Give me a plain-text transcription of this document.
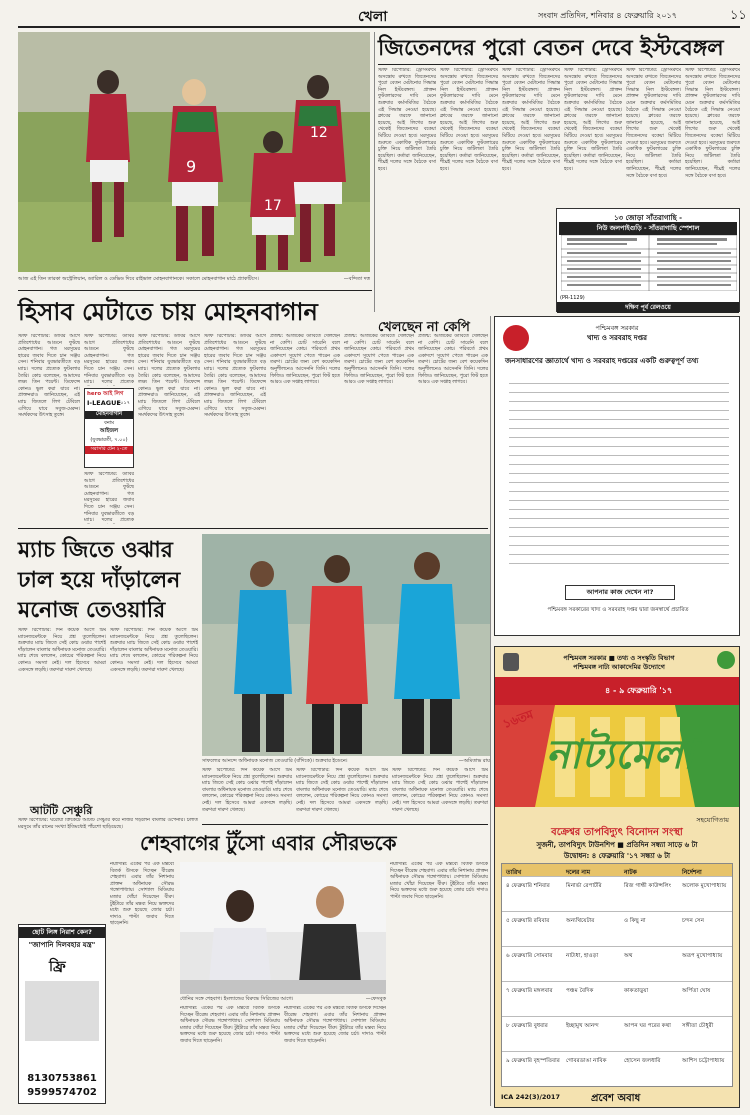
খেলা	সংবাদ প্রতিদিন, শনিবার ৪ ফেব্রুয়ারি ২০১৭	১১
9
12
17
আজ এই তিন তারকা অস্ট্রেলিয়ান, ড্যারিল ও ডেভিড দিবে রাইভাল মোহনবাগানকে। সকালে মোহনবাগান মাঠে প্র্যাকটিসে।	—বন্দিতা দত্ত
জিতেনদের পুরো বেতন দেবে ইস্টবেঙ্গল
স্টাফ রিপোর্টার: ড্রেসিংরুমে অসন্তোষ রুখতে জিতেনদের পুরো বেতন মেটানোর সিদ্ধান্ত নিল ইস্টবেঙ্গল। প্রাক্তন ফুটবলারদের দাবি মেনে শুক্রবার কর্মসমিতির বৈঠকে এই সিদ্ধান্ত নেওয়া হয়েছে। ক্লাবের তরফে জানানো হয়েছে, আই লিগের শুরু থেকেই জিতেনদের বকেয়া মিটিয়ে দেওয়া হবে। মরসুমের শুরুতে একাধিক ফুটবলারের চুক্তি নিয়ে জটিলতা তৈরি হয়েছিল। কর্তারা জানিয়েছেন, শীঘ্রই দলের সঙ্গে বৈঠকে বসা হবে।
স্টাফ রিপোর্টার: ড্রেসিংরুমে অসন্তোষ রুখতে জিতেনদের পুরো বেতন মেটানোর সিদ্ধান্ত নিল ইস্টবেঙ্গল। প্রাক্তন ফুটবলারদের দাবি মেনে শুক্রবার কর্মসমিতির বৈঠকে এই সিদ্ধান্ত নেওয়া হয়েছে। ক্লাবের তরফে জানানো হয়েছে, আই লিগের শুরু থেকেই জিতেনদের বকেয়া মিটিয়ে দেওয়া হবে। মরসুমের শুরুতে একাধিক ফুটবলারের চুক্তি নিয়ে জটিলতা তৈরি হয়েছিল। কর্তারা জানিয়েছেন, শীঘ্রই দলের সঙ্গে বৈঠকে বসা হবে।
স্টাফ রিপোর্টার: ড্রেসিংরুমে অসন্তোষ রুখতে জিতেনদের পুরো বেতন মেটানোর সিদ্ধান্ত নিল ইস্টবেঙ্গল। প্রাক্তন ফুটবলারদের দাবি মেনে শুক্রবার কর্মসমিতির বৈঠকে এই সিদ্ধান্ত নেওয়া হয়েছে। ক্লাবের তরফে জানানো হয়েছে, আই লিগের শুরু থেকেই জিতেনদের বকেয়া মিটিয়ে দেওয়া হবে। মরসুমের শুরুতে একাধিক ফুটবলারের চুক্তি নিয়ে জটিলতা তৈরি হয়েছিল। কর্তারা জানিয়েছেন, শীঘ্রই দলের সঙ্গে বৈঠকে বসা হবে।
স্টাফ রিপোর্টার: ড্রেসিংরুমে অসন্তোষ রুখতে জিতেনদের পুরো বেতন মেটানোর সিদ্ধান্ত নিল ইস্টবেঙ্গল। প্রাক্তন ফুটবলারদের দাবি মেনে শুক্রবার কর্মসমিতির বৈঠকে এই সিদ্ধান্ত নেওয়া হয়েছে। ক্লাবের তরফে জানানো হয়েছে, আই লিগের শুরু থেকেই জিতেনদের বকেয়া মিটিয়ে দেওয়া হবে। মরসুমের শুরুতে একাধিক ফুটবলারের চুক্তি নিয়ে জটিলতা তৈরি হয়েছিল। কর্তারা জানিয়েছেন, শীঘ্রই দলের সঙ্গে বৈঠকে বসা হবে।
স্টাফ রিপোর্টার: ড্রেসিংরুমে অসন্তোষ রুখতে জিতেনদের পুরো বেতন মেটানোর সিদ্ধান্ত নিল ইস্টবেঙ্গল। প্রাক্তন ফুটবলারদের দাবি মেনে শুক্রবার কর্মসমিতির বৈঠকে এই সিদ্ধান্ত নেওয়া হয়েছে। ক্লাবের তরফে জানানো হয়েছে, আই লিগের শুরু থেকেই জিতেনদের বকেয়া মিটিয়ে দেওয়া হবে। মরসুমের শুরুতে একাধিক ফুটবলারের চুক্তি নিয়ে জটিলতা তৈরি হয়েছিল। কর্তারা জানিয়েছেন, শীঘ্রই দলের সঙ্গে বৈঠকে বসা হবে।
স্টাফ রিপোর্টার: ড্রেসিংরুমে অসন্তোষ রুখতে জিতেনদের পুরো বেতন মেটানোর সিদ্ধান্ত নিল ইস্টবেঙ্গল। প্রাক্তন ফুটবলারদের দাবি মেনে শুক্রবার কর্মসমিতির বৈঠকে এই সিদ্ধান্ত নেওয়া হয়েছে। ক্লাবের তরফে জানানো হয়েছে, আই লিগের শুরু থেকেই জিতেনদের বকেয়া মিটিয়ে দেওয়া হবে। মরসুমের শুরুতে একাধিক ফুটবলারের চুক্তি নিয়ে জটিলতা তৈরি হয়েছিল। কর্তারা জানিয়েছেন, শীঘ্রই দলের সঙ্গে বৈঠকে বসা হবে।
১৩ জোড়া সাঁতরাগাছি -
নিউ জলপাইগুড়ি - সাঁতরাগাছি স্পেশাল
(PR-1129)
দক্ষিণ পূর্ব রেলওয়ে
হিসাব মেটাতে চায় মোহনবাগান
স্টাফ রিপোর্টার: ডার্বির আগে প্রতিশোধের আগুনে ফুটছে মোহনবাগান। গত মরসুমের হারের জবাব দিতে চান সঞ্জয় সেন। শনিবার যুবভারতীতে বড় ম্যাচ। দলের প্রত্যেক ফুটবলার তৈরি। কোচ বলেছেন, আমাদের লক্ষ্য তিন পয়েন্ট। ডিফেন্সে কোনও ভুল করা যাবে না। প্রাক্তনরাও জানিয়েছেন, এই ম্যাচ জিতলে লিগ টেবিলে এগিয়ে যাবে সবুজ-মেরুন। সমর্থকদের উৎসাহ তুঙ্গে।
hero আই লিগ
I-LEAGUE
২০১৭
মোহনবাগান
বনাম
আইজল
(যুবভারতী, ৭.০০)
সরাসরি টেন ২-তে
স্টাফ রিপোর্টার: ডার্বির আগে প্রতিশোধের আগুনে ফুটছে মোহনবাগান। গত মরসুমের হারের জবাব দিতে চান সঞ্জয় সেন। শনিবার যুবভারতীতে বড় ম্যাচ। দলের প্রত্যেক
স্টাফ রিপোর্টার: ডার্বির আগে প্রতিশোধের আগুনে ফুটছে মোহনবাগান। গত মরসুমের হারের জবাব দিতে চান সঞ্জয় সেন। শনিবার যুবভারতীতে বড় ম্যাচ। দলের প্রত্যেক
স্টাফ রিপোর্টার: ডার্বির আগে প্রতিশোধের আগুনে ফুটছে মোহনবাগান। গত মরসুমের হারের জবাব দিতে চান সঞ্জয় সেন। শনিবার যুবভারতীতে বড় ম্যাচ। দলের প্রত্যেক ফুটবলার তৈরি। কোচ বলেছেন, আমাদের লক্ষ্য তিন পয়েন্ট। ডিফেন্সে কোনও ভুল করা যাবে না। প্রাক্তনরাও জানিয়েছেন, এই ম্যাচ জিতলে লিগ টেবিলে এগিয়ে যাবে সবুজ-মেরুন। সমর্থকদের উৎসাহ তুঙ্গে।
স্টাফ রিপোর্টার: ডার্বির আগে প্রতিশোধের আগুনে ফুটছে মোহনবাগান। গত মরসুমের হারের জবাব দিতে চান সঞ্জয় সেন। শনিবার যুবভারতীতে বড় ম্যাচ। দলের প্রত্যেক ফুটবলার তৈরি। কোচ বলেছেন, আমাদের লক্ষ্য তিন পয়েন্ট। ডিফেন্সে কোনও ভুল করা যাবে না। প্রাক্তনরাও জানিয়েছেন, এই ম্যাচ জিতলে লিগ টেবিলে এগিয়ে যাবে সবুজ-মেরুন। সমর্থকদের উৎসাহ তুঙ্গে।
খেলছেন না কেপি
প্রজন্ম: আজকের ডার্বিতে খেলছেন না কেপি। চোট সারেনি বলে জানিয়েছেন কোচ। পরিবর্তে প্রথম একাদশে সুযোগ পেতে পারেন এক তরুণ। চোটের জন্য বেশ কয়েকদিন অনুশীলনেও আসেননি তিনি। দলের ফিজিও জানিয়েছেন, পুরো ফিট হতে আরও এক সপ্তাহ লাগবে।
প্রজন্ম: আজকের ডার্বিতে খেলছেন না কেপি। চোট সারেনি বলে জানিয়েছেন কোচ। পরিবর্তে প্রথম একাদশে সুযোগ পেতে পারেন এক তরুণ। চোটের জন্য বেশ কয়েকদিন অনুশীলনেও আসেননি তিনি। দলের ফিজিও জানিয়েছেন, পুরো ফিট হতে আরও এক সপ্তাহ লাগবে।
প্রজন্ম: আজকের ডার্বিতে খেলছেন না কেপি। চোট সারেনি বলে জানিয়েছেন কোচ। পরিবর্তে প্রথম একাদশে সুযোগ পেতে পারেন এক তরুণ। চোটের জন্য বেশ কয়েকদিন অনুশীলনেও আসেননি তিনি। দলের ফিজিও জানিয়েছেন, পুরো ফিট হতে আরও এক সপ্তাহ লাগবে।
পশ্চিমবঙ্গ সরকার
খাদ্য ও সরবরাহ দপ্তর
জনসাধারণের জ্ঞাতার্থে খাদ্য ও সরবরাহ দপ্তরের একটি গুরুত্বপূর্ণ তথ্য
আপনার কাজ দেখেন না?
পশ্চিমবঙ্গ সরকারের খাদ্য ও সরবরাহ দপ্তর দ্বারা জনস্বার্থে প্রচারিত
ম্যাচ জিতে ওঝার
ঢাল হয়ে দাঁড়ালেন
মনোজ তেওয়ারি
সাফল্যের আনন্দে অধিনায়ক মনোজ তেওয়ারি (বাঁদিকে)। শুক্রবার ইডেনে।	—অমিতাভ রায়
স্টাফ রিপোর্টার: দিন কয়েক আগে টিম ম্যানেজমেন্টকে নিয়ে প্রশ্ন তুলেছিলেন। শুক্রবার ম্যাচ জিতে সেই কোচ ওঝার পাশেই দাঁড়ালেন বাংলার অধিনায়ক মনোজ তেওয়ারি। ম্যাচ শেষে বললেন, কোচের পরিকল্পনা নিয়ে কোনও সমস্যা নেই। দল হিসেবে আমরা একসঙ্গে লড়ছি। তরুণরা দারুণ খেলছে।
স্টাফ রিপোর্টার: দিন কয়েক আগে টিম ম্যানেজমেন্টকে নিয়ে প্রশ্ন তুলেছিলেন। শুক্রবার ম্যাচ জিতে সেই কোচ ওঝার পাশেই দাঁড়ালেন বাংলার অধিনায়ক মনোজ তেওয়ারি। ম্যাচ শেষে বললেন, কোচের পরিকল্পনা নিয়ে কোনও সমস্যা নেই। দল হিসেবে আমরা একসঙ্গে লড়ছি। তরুণরা দারুণ খেলছে।
স্টাফ রিপোর্টার: দিন কয়েক আগে টিম ম্যানেজমেন্টকে নিয়ে প্রশ্ন তুলেছিলেন। শুক্রবার ম্যাচ জিতে সেই কোচ ওঝার পাশেই দাঁড়ালেন বাংলার অধিনায়ক মনোজ তেওয়ারি। ম্যাচ শেষে বললেন, কোচের পরিকল্পনা নিয়ে কোনও সমস্যা নেই। দল হিসেবে আমরা একসঙ্গে লড়ছি। তরুণরা দারুণ খেলছে।
স্টাফ রিপোর্টার: দিন কয়েক আগে টিম ম্যানেজমেন্টকে নিয়ে প্রশ্ন তুলেছিলেন। শুক্রবার ম্যাচ জিতে সেই কোচ ওঝার পাশেই দাঁড়ালেন বাংলার অধিনায়ক মনোজ তেওয়ারি। ম্যাচ শেষে বললেন, কোচের পরিকল্পনা নিয়ে কোনও সমস্যা নেই। দল হিসেবে আমরা একসঙ্গে লড়ছি। তরুণরা দারুণ খেলছে।
স্টাফ রিপোর্টার: দিন কয়েক আগে টিম ম্যানেজমেন্টকে নিয়ে প্রশ্ন তুলেছিলেন। শুক্রবার ম্যাচ জিতে সেই কোচ ওঝার পাশেই দাঁড়ালেন বাংলার অধিনায়ক মনোজ তেওয়ারি। ম্যাচ শেষে বললেন, কোচের পরিকল্পনা নিয়ে কোনও সমস্যা নেই। দল হিসেবে আমরা একসঙ্গে লড়ছি। তরুণরা দারুণ খেলছে।
আটটি সেঞ্চুরি
স্টাফ রিপোর্টার: ঘরোয়া ক্রিকেটে আটটি সেঞ্চুরি করে নজির গড়লেন বাংলার ওপেনার। চলতি মরসুমে তাঁর রানের সংখ্যা ইতিমধ্যেই পাঁচশো ছাড়িয়েছে।
শেহবাগের টুঁসো এবার সৌরভকে
নয়াদিল্লি: একের পর এক মন্তব্যে বিতর্ক উসকে দিচ্ছেন বীরেন্দ্র শেহবাগ। এবার তাঁর নিশানায় প্রাক্তন অধিনায়ক সৌরভ গঙ্গোপাধ্যায়। সোশ্যাল মিডিয়ায় মজার খোঁচা দিয়েছেন বীরু। টুইটারে তাঁর মন্তব্য নিয়ে ভক্তদের মধ্যে শুরু হয়েছে জোর চর্চা। দাদাও পাল্টা জবাব দিতে ছাড়েননি।
ধোনির সঙ্গে শেহবাগ। ইংল্যান্ডের বিরুদ্ধে সিরিজের আগে।	—ফেসবুক
নয়াদিল্লি: একের পর এক মন্তব্যে বিতর্ক উসকে দিচ্ছেন বীরেন্দ্র শেহবাগ। এবার তাঁর নিশানায় প্রাক্তন অধিনায়ক সৌরভ গঙ্গোপাধ্যায়। সোশ্যাল মিডিয়ায় মজার খোঁচা দিয়েছেন বীরু। টুইটারে তাঁর মন্তব্য নিয়ে ভক্তদের মধ্যে শুরু হয়েছে জোর চর্চা। দাদাও পাল্টা জবাব দিতে ছাড়েননি।
নয়াদিল্লি: একের পর এক মন্তব্যে বিতর্ক উসকে দিচ্ছেন বীরেন্দ্র শেহবাগ। এবার তাঁর নিশানায় প্রাক্তন অধিনায়ক সৌরভ গঙ্গোপাধ্যায়। সোশ্যাল মিডিয়ায় মজার খোঁচা দিয়েছেন বীরু। টুইটারে তাঁর মন্তব্য নিয়ে ভক্তদের মধ্যে শুরু হয়েছে জোর চর্চা। দাদাও পাল্টা জবাব দিতে ছাড়েননি।
নয়াদিল্লি: একের পর এক মন্তব্যে বিতর্ক উসকে দিচ্ছেন বীরেন্দ্র শেহবাগ। এবার তাঁর নিশানায় প্রাক্তন অধিনায়ক সৌরভ গঙ্গোপাধ্যায়। সোশ্যাল মিডিয়ায় মজার খোঁচা দিয়েছেন বীরু। টুইটারে তাঁর মন্তব্য নিয়ে ভক্তদের মধ্যে শুরু হয়েছে জোর চর্চা। দাদাও পাল্টা জবাব দিতে ছাড়েননি।
ছোট লিঙ্গ নিরাশ কেন?
"জাপানি দিলবহার যন্ত্র"
ফ্রি
8130753861
9599574702
পশ্চিমবঙ্গ সরকার ■ তথ্য ও সংস্কৃতি বিভাগ
পশ্চিমবঙ্গ নাট্য আকাদেমির উদ্যোগে
১৬তম
৪ - ৯ ফেব্রুয়ারি '১৭
নাট্যমেলা
সহযোগিতায়
বক্রেশ্বর তাপবিদ্যুৎ বিনোদন সংস্থা
সুজনী, তাপবিদ্যুৎ টাউনশিপ ■ প্রতিদিন সন্ধ্যা সাড়ে ৬ টা
উদ্বোধন: ৪ ফেব্রুয়ারি '১৭ সন্ধ্যা ৬ টা
তারিখ	দলের নাম	নাটক	নির্দেশনা
৪ ফেব্রুয়ারি শনিবার	মিনার্ভা রেপার্টরি	রিজ গান্ধী কাউন্সলিং	অলোক মুখোপাধ্যায়
৫ ফেব্রুয়ারি রবিবার	অন্যথিয়েটার	ও কিছু না	চন্দন সেন
৬ ফেব্রুয়ারি সোমবার	নাট্যধা, হাওড়া	অথ	অরূপ মুখোপাধ্যায়
৭ ফেব্রুয়ারি মঙ্গলবার	পঞ্চম বৈদিক	কাকতাড়ুয়া	অর্পিতা ঘোষ
৮ ফেব্রুয়ারি বুধবার	ইচ্ছামুখ আনন্দ	আপন ঘর পরের কথা	সঙ্গীতা চৌধুরী
৯ ফেব্রুয়ারি বৃহস্পতিবার	গোবরডাঙা নাবিক	হোসেন জলধারি	আশিস চট্টোপাধ্যায়
ICA 242(3)/2017	প্রবেশ অবাধ
